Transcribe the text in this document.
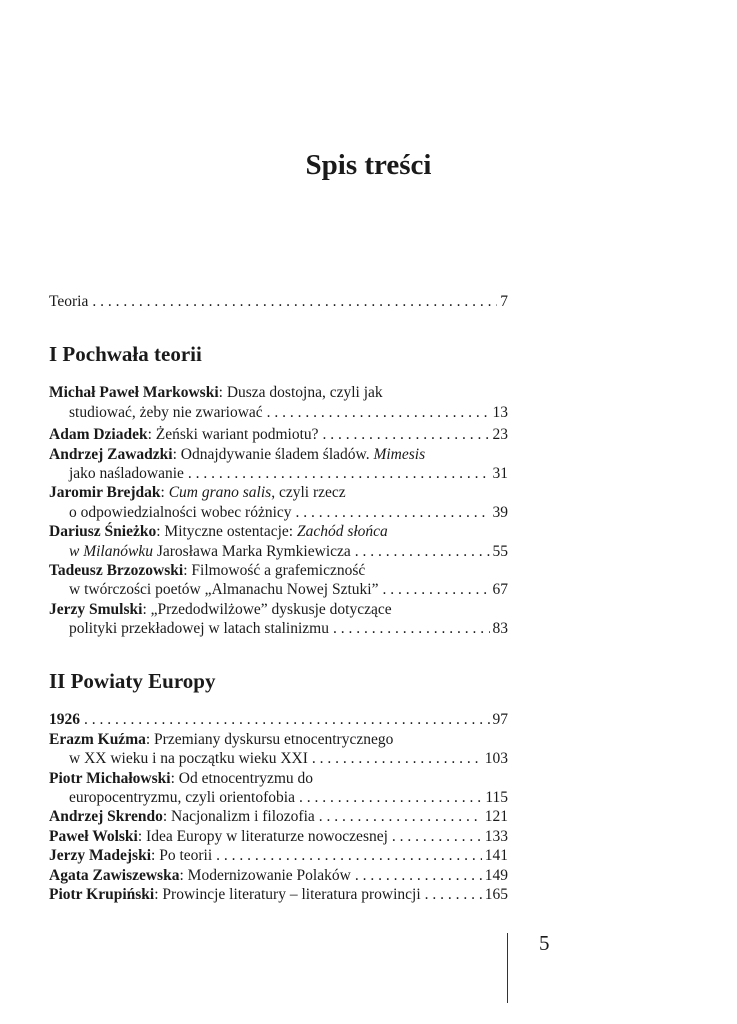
Spis treści
Teoria . . .	7
I Pochwała teorii
Michał Paweł Markowski: Dusza dostojna, czyli jak
studiować, żeby nie zwariować . . .	13
Adam Dziadek: Żeński wariant podmiotu? . . .	23
Andrzej Zawadzki: Odnajdywanie śladem śladów. Mimesis
jako naśladowanie . . .	31
Jaromir Brejdak: Cum grano salis, czyli rzecz
o odpowiedzialności wobec różnicy . . .	39
Dariusz Śnieżko: Mityczne ostentacje: Zachód słońca
w Milanówku Jarosława Marka Rymkiewicza . . .	55
Tadeusz Brzozowski: Filmowość a grafemiczność
w twórczości poetów „Almanachu Nowej Sztuki” . . .	67
Jerzy Smulski: „Przedodwilżowe” dyskusje dotyczące
polityki przekładowej w latach stalinizmu . . .	83
II Powiaty Europy
1926 . . .	97
Erazm Kuźma: Przemiany dyskursu etnocentrycznego
w XX wieku i na początku wieku XXI . . .	103
Piotr Michałowski: Od etnocentryzmu do
europocentryzmu, czyli orientofobia . . .	115
Andrzej Skrendo: Nacjonalizm i filozofia . . .	121
Paweł Wolski: Idea Europy w literaturze nowoczesnej . . .	133
Jerzy Madejski: Po teorii . . .	141
Agata Zawiszewska: Modernizowanie Polaków . . .	149
Piotr Krupiński: Prowincje literatury – literatura prowincji . . .	165
5
